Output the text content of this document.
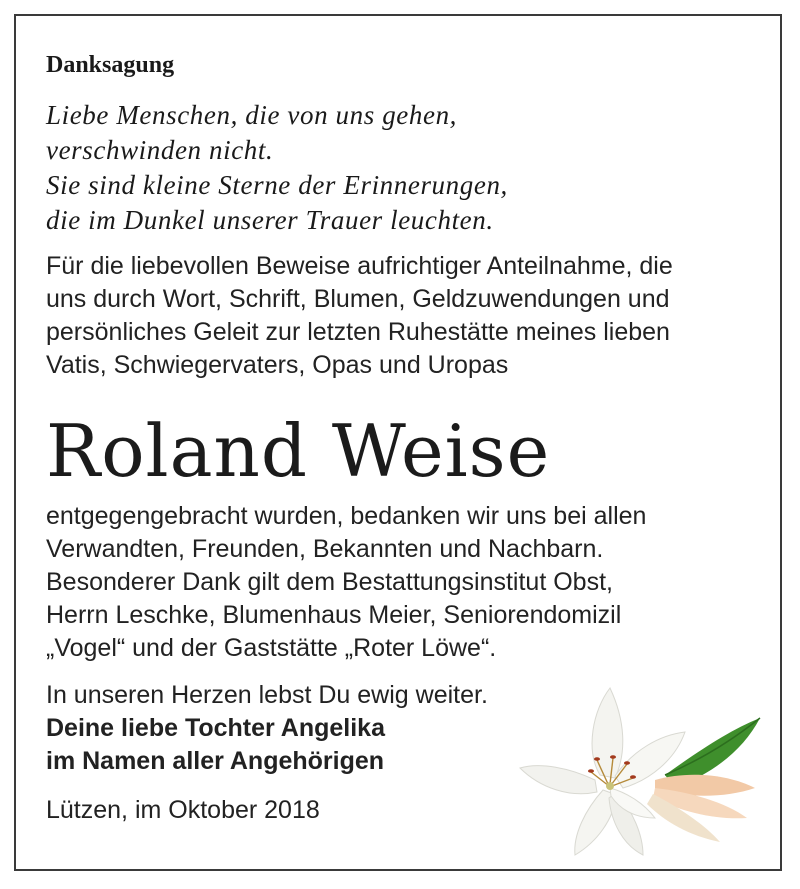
Danksagung
Liebe Menschen, die von uns gehen,
verschwinden nicht.
Sie sind kleine Sterne der Erinnerungen,
die im Dunkel unserer Trauer leuchten.
Für die liebevollen Beweise aufrichtiger Anteilnahme, die
uns durch Wort, Schrift, Blumen, Geldzuwendungen und
persönliches Geleit zur letzten Ruhestätte meines lieben
Vatis, Schwiegervaters, Opas und Uropas
Roland Weise
entgegengebracht wurden, bedanken wir uns bei allen
Verwandten, Freunden, Bekannten und Nachbarn.
Besonderer Dank gilt dem Bestattungsinstitut Obst,
Herrn Leschke, Blumenhaus Meier, Seniorendomizil
„Vogel“ und der Gaststätte „Roter Löwe“.
In unseren Herzen lebst Du ewig weiter.
Deine liebe Tochter Angelika
im Namen aller Angehörigen
Lützen, im Oktober 2018
